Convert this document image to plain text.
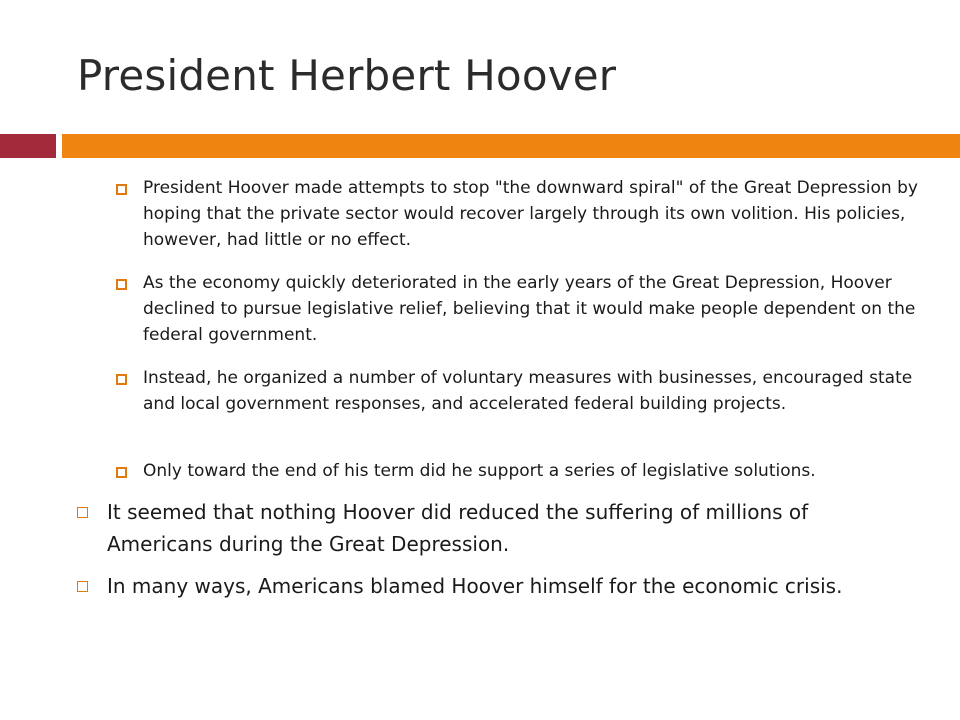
President Herbert Hoover
President Hoover made attempts to stop "the downward spiral" of the Great Depression by hoping that the private sector would recover largely through its own volition. His policies, however, had little or no effect.
As the economy quickly deteriorated in the early years of the Great Depression, Hoover declined to pursue legislative relief, believing that it would make people dependent on the federal government.
Instead, he organized a number of voluntary measures with businesses, encouraged state and local government responses, and accelerated federal building projects.
Only toward the end of his term did he support a series of legislative solutions.
It seemed that nothing Hoover did reduced the suffering of millions of Americans during the Great Depression.
In many ways, Americans blamed Hoover himself for the economic crisis.
